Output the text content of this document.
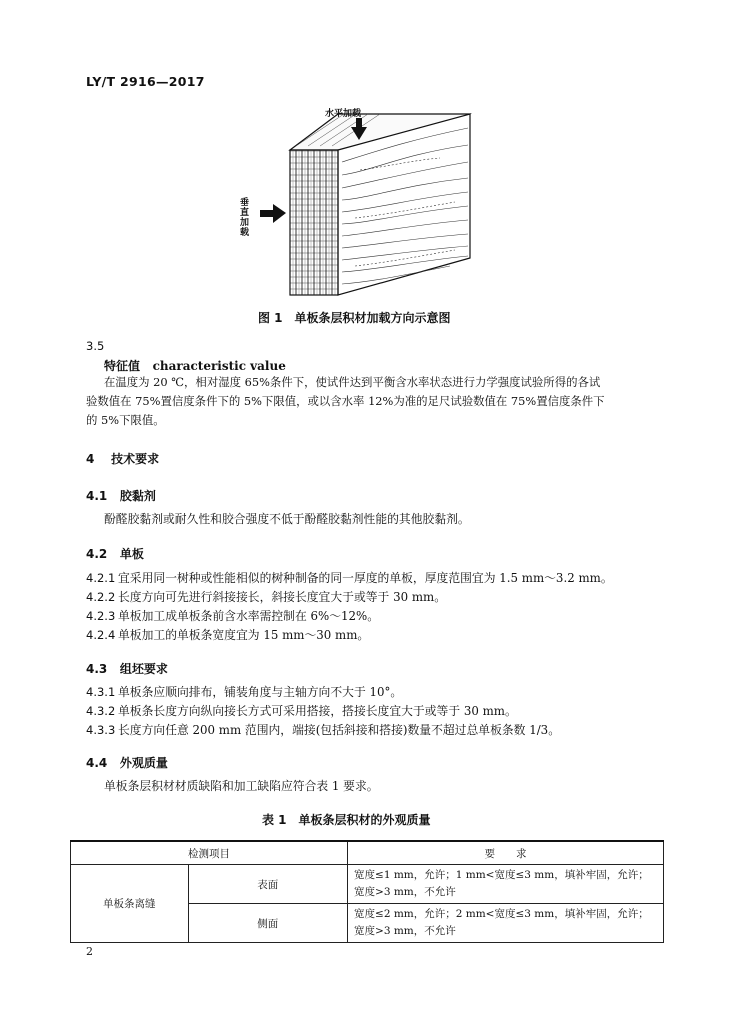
LY/T 2916—2017
水平加载
垂直加载
图 1　单板条层积材加载方向示意图
3.5
特征值 characteristic value
在温度为 20 ℃，相对湿度 65%条件下，使试件达到平衡含水率状态进行力学强度试验所得的各试
验数值在 75%置信度条件下的 5%下限值，或以含水率 12%为准的足尺试验数值在 75%置信度条件下
的 5%下限值。
4 技术要求
4.1 胶黏剂
酚醛胶黏剂或耐久性和胶合强度不低于酚醛胶黏剂性能的其他胶黏剂。
4.2 单板
4.2.1 宜采用同一树种或性能相似的树种制备的同一厚度的单板，厚度范围宜为 1.5 mm～3.2 mm。
4.2.2 长度方向可先进行斜接接长，斜接长度宜大于或等于 30 mm。
4.2.3 单板加工成单板条前含水率需控制在 6%～12%。
4.2.4 单板加工的单板条宽度宜为 15 mm～30 mm。
4.3 组坯要求
4.3.1 单板条应顺向排布，铺装角度与主轴方向不大于 10°。
4.3.2 单板条长度方向纵向接长方式可采用搭接，搭接长度宜大于或等于 30 mm。
4.3.3 长度方向任意 200 mm 范围内，端接(包括斜接和搭接)数量不超过总单板条数 1/3。
4.4 外观质量
单板条层积材材质缺陷和加工缺陷应符合表 1 要求。
表 1　单板条层积材的外观质量
检测项目		要　　求
单板条离缝	表面	宽度≤1 mm，允许；1 mm<宽度≤3 mm，填补牢固，允许；
宽度>3 mm，不允许

	侧面	宽度≤2 mm，允许；2 mm<宽度≤3 mm，填补牢固，允许；
宽度>3 mm，不允许
2
